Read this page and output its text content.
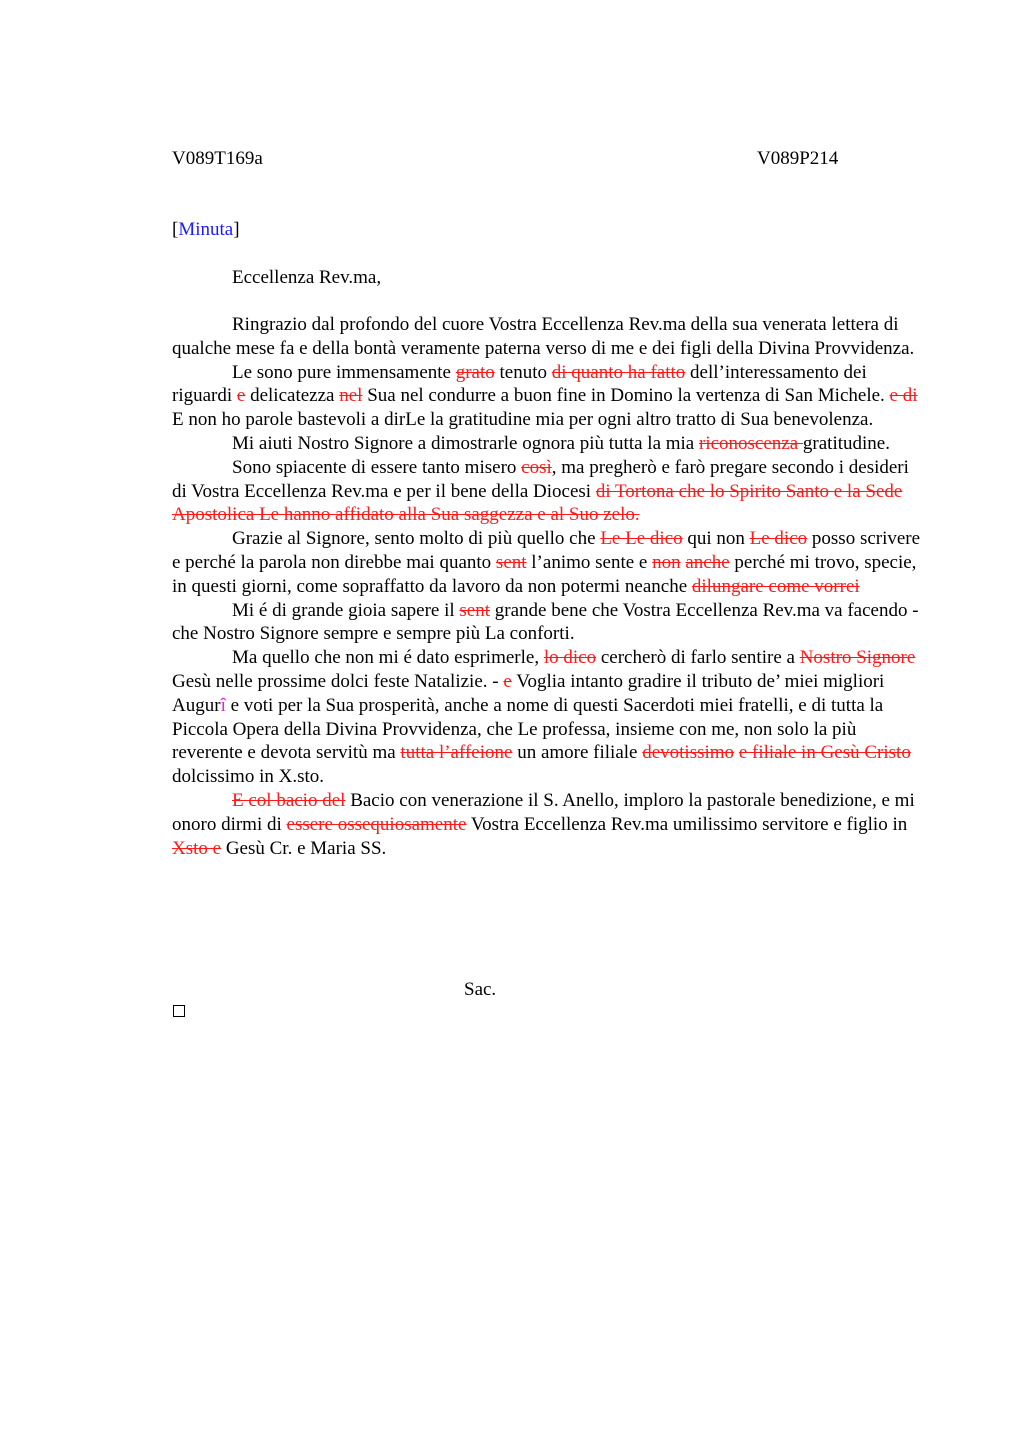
V089T169a	V089P214
[Minuta]
Eccellenza Rev.ma,

Ringrazio dal profondo del cuore Vostra Eccellenza Rev.ma della sua venerata lettera di qualche mese fa e della bontà veramente paterna verso di me e dei figli della Divina Provvidenza.

Le sono pure immensamente grato tenuto di quanto ha fatto dell’interessamento dei riguardi e delicatezza nel Sua nel condurre a buon fine in Domino la vertenza di San Michele. e di E non ho parole bastevoli a dirLe la gratitudine mia per ogni altro tratto di Sua benevolenza.

Mi aiuti Nostro Signore a dimostrarle ognora più tutta la mia riconoscenza gratitudine.

Sono spiacente di essere tanto misero così, ma pregherò e farò pregare secondo i desideri di Vostra Eccellenza Rev.ma e per il bene della Diocesi di Tortona che lo Spirito Santo e la Sede Apostolica Le hanno affidato alla Sua saggezza e al Suo zelo.

Grazie al Signore, sento molto di più quello che Le Le dico qui non Le dico posso scrivere e perché la parola non direbbe mai quanto sent l’animo sente e non anche perché mi trovo, specie, in questi giorni, come sopraffatto da lavoro da non potermi neanche dilungare come vorrei

Mi é di grande gioia sapere il sent grande bene che Vostra Eccellenza Rev.ma va facendo - che Nostro Signore sempre e sempre più La conforti.

Ma quello che non mi é dato esprimerle, lo dico cercherò di farlo sentire a Nostro Signore Gesù nelle prossime dolci feste Natalizie. - e Voglia intanto gradire il tributo de’ miei migliori Augurî e voti per la Sua prosperità, anche a nome di questi Sacerdoti miei fratelli, e di tutta la Piccola Opera della Divina Provvidenza, che Le professa, insieme con me, non solo la più reverente e devota servitù ma tutta l’affeione un amore filiale devotissimo e filiale in Gesù Cristo dolcissimo in X.sto.

E col bacio del Bacio con venerazione il S. Anello, imploro la pastorale benedizione, e mi onoro dirmi di essere ossequiosamente Vostra Eccellenza Rev.ma umilissimo servitore e figlio in Xsto e Gesù Cr. e Maria SS.

Sac.
